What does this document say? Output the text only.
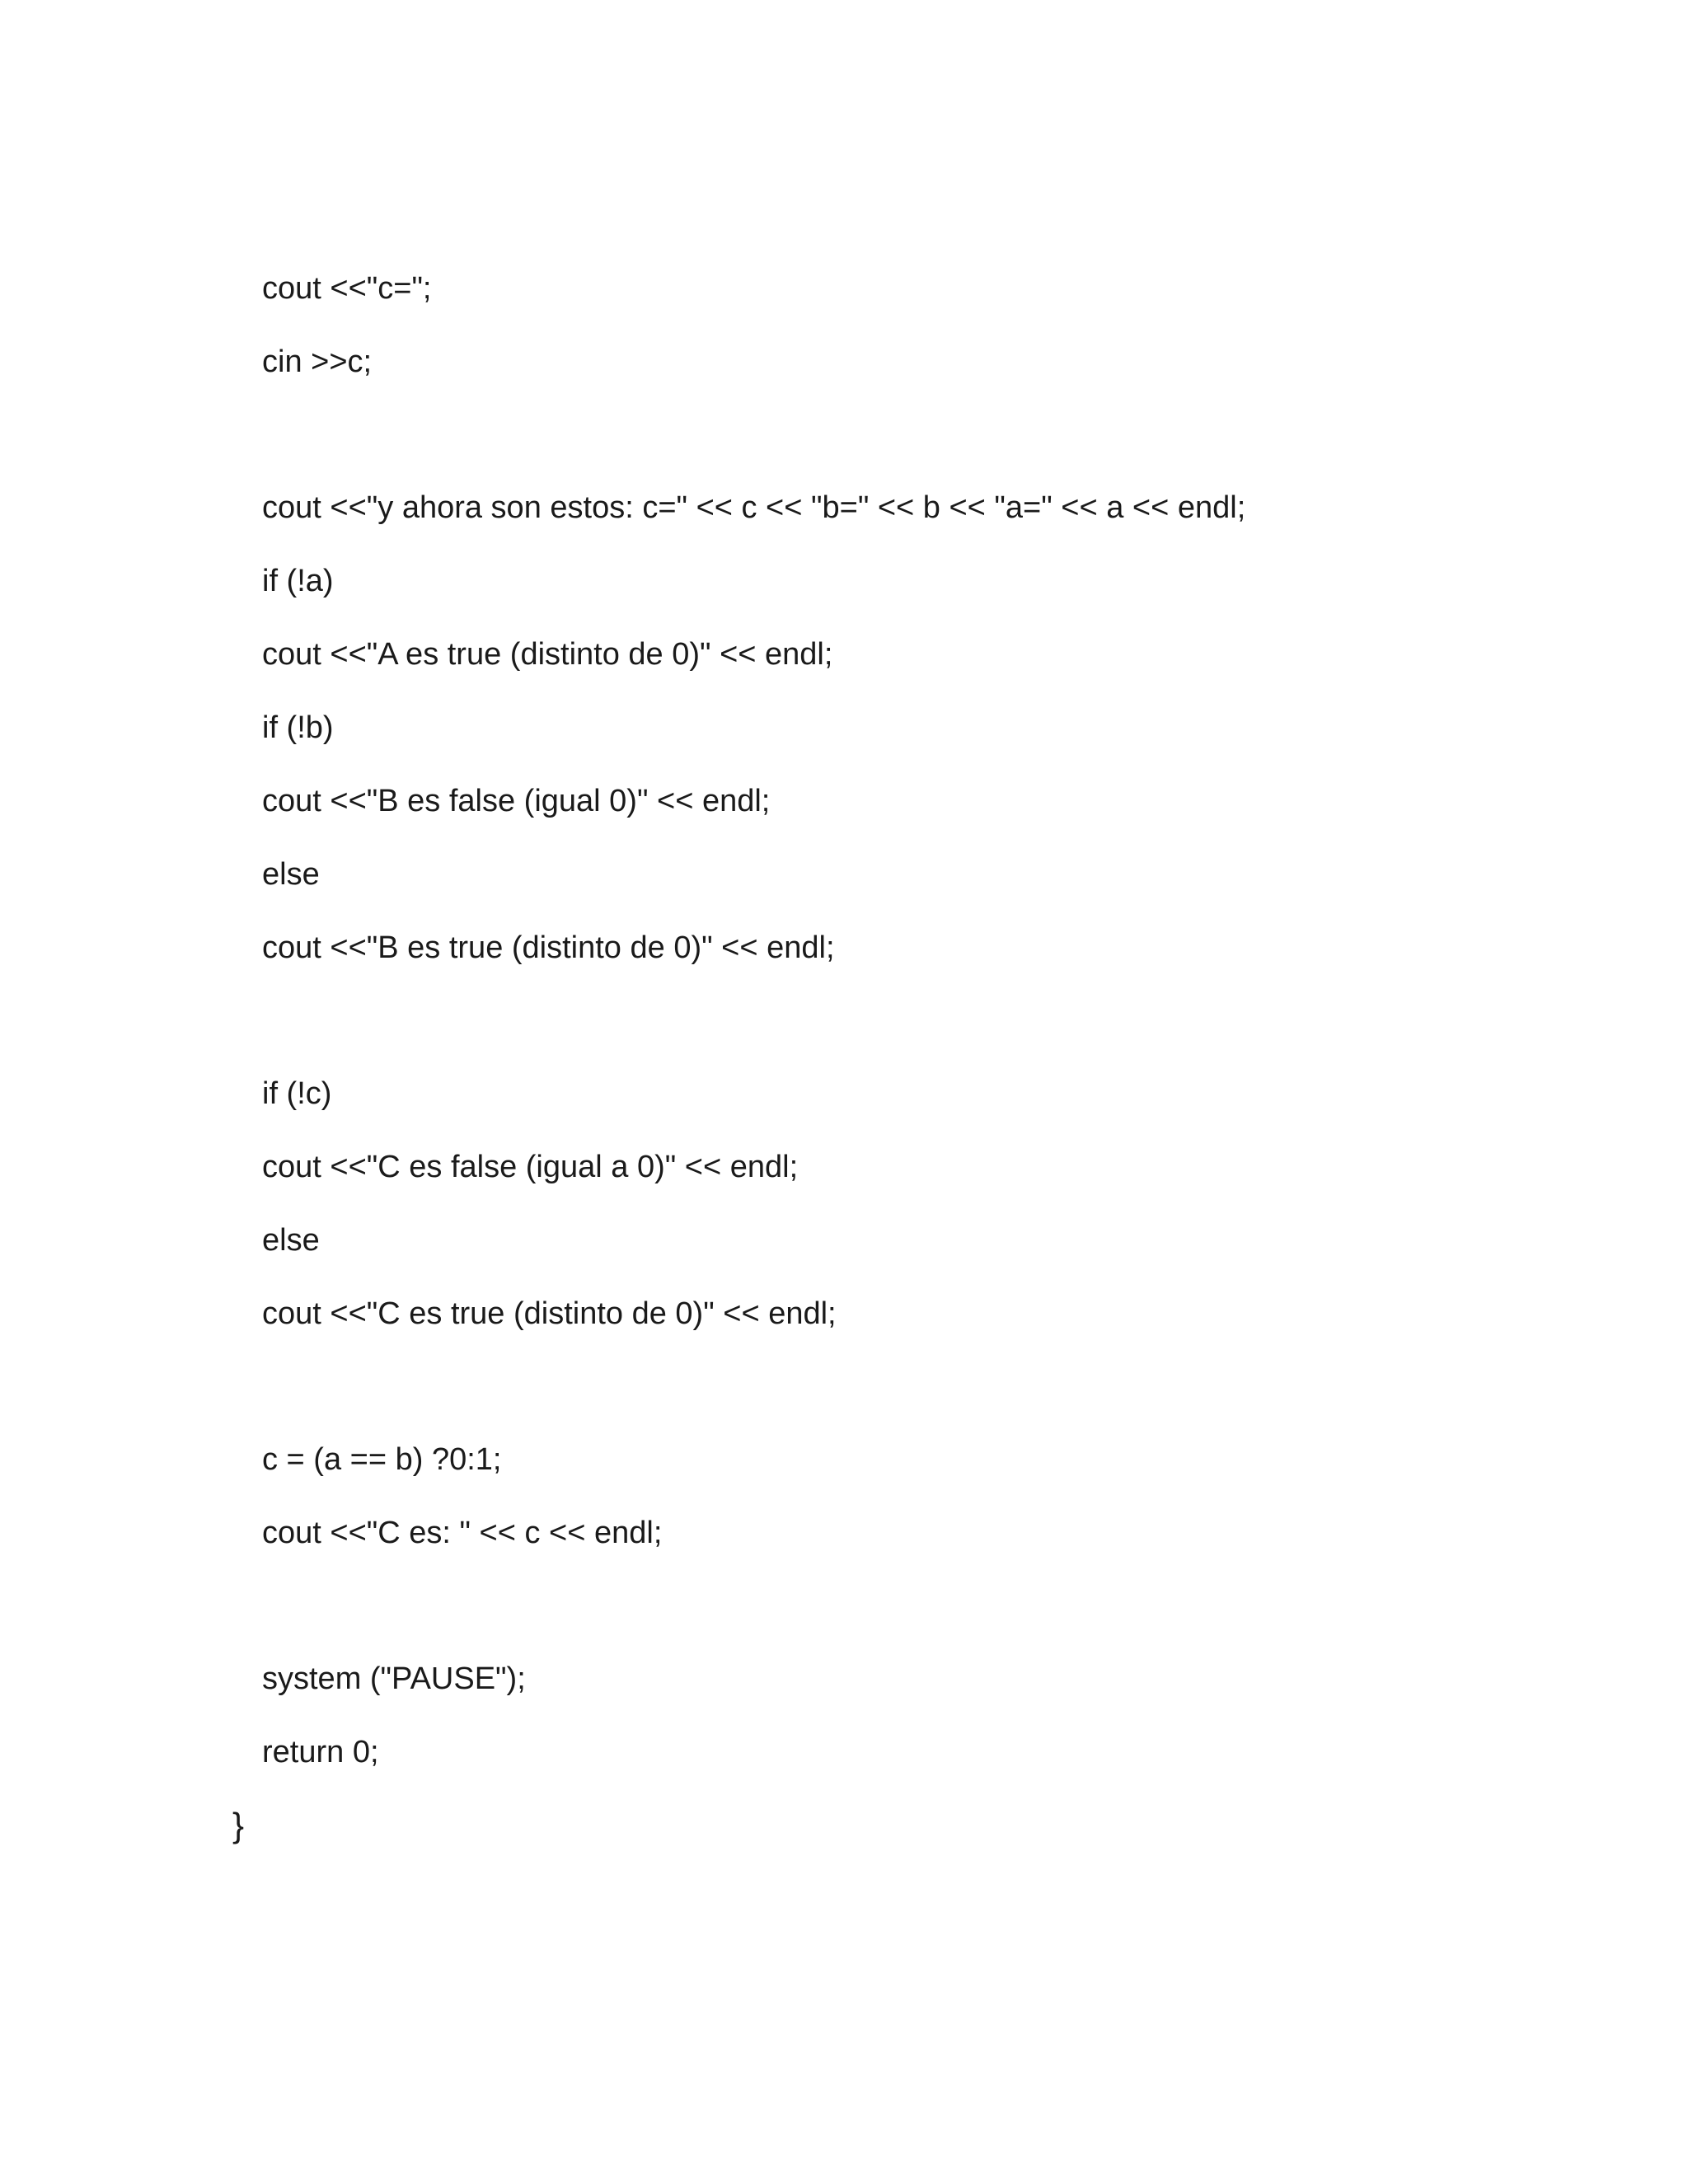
cout <<"c=";
cin >>c;
cout <<"y ahora son estos: c=" << c << "b=" << b << "a=" << a << endl;
if (!a)
cout <<"A es true (distinto de 0)" << endl;
if (!b)
cout <<"B es false (igual 0)" << endl;
else
cout <<"B es true (distinto de 0)" << endl;
if (!c)
cout <<"C es false (igual a 0)" << endl;
else
cout <<"C es true (distinto de 0)" << endl;
c = (a == b) ?0:1;
cout <<"C es: " << c << endl;
system ("PAUSE");
return 0;
}
